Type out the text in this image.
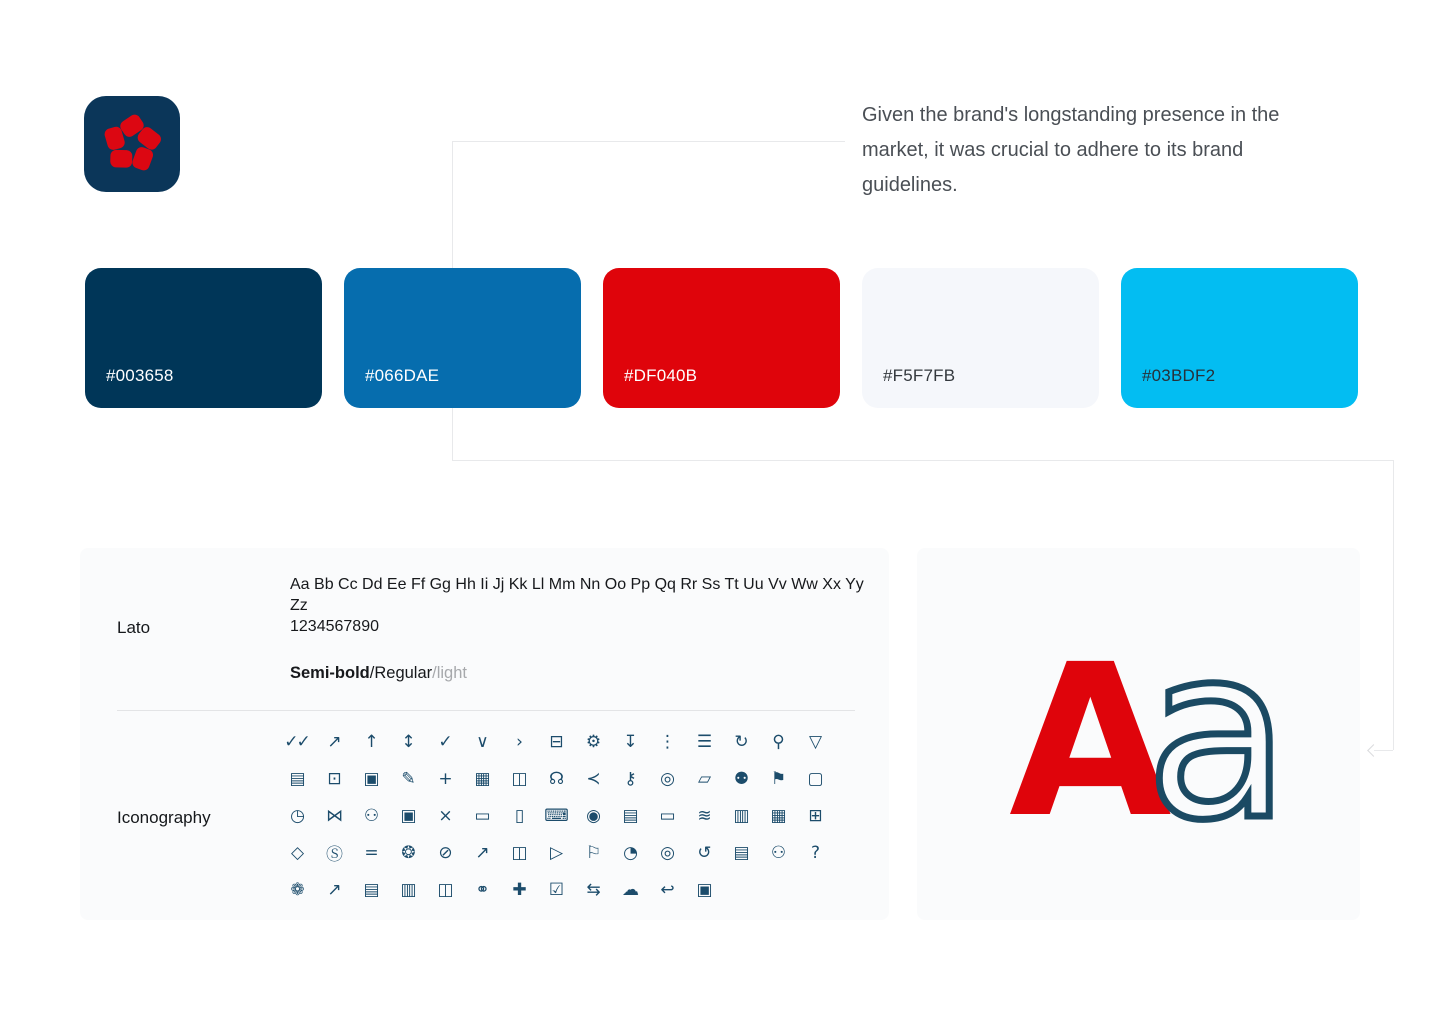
Given the brand's longstanding presence in the market, it was crucial to adhere to its brand guidelines.

#003658	#066DAE	#DF040B	#F5F7FB	#03BDF2
Lato
Aa Bb Cc Dd Ee Ff Gg Hh Ii Jj Kk Ll Mm Nn Oo Pp Qq Rr Ss Tt Uu Vv Ww Xx Yy Zz
1234567890
Semi-bold/Regular/light
Iconography
✓✓	↗	↑	↕	✓	∨	›	⊟	⚙	↧	⋮	☰	↻	⚲	▽
▤	⊡	▣	✎	+	▦	◫	☊	≺	⚷	◎	▱	⚉	⚑	▢
◷	⋈	⚇	▣	×	▭	▯	⌨	◉	▤	▭	≋	▥	▦	⊞
◇	Ⓢ	=	❂	⊘	↗	◫	▷	⚐	◔	◎	↺	▤	⚇	?
❁	↗	▤	▥	◫	⚭	✚	☑	⇆	☁	↩	▣
A
a
